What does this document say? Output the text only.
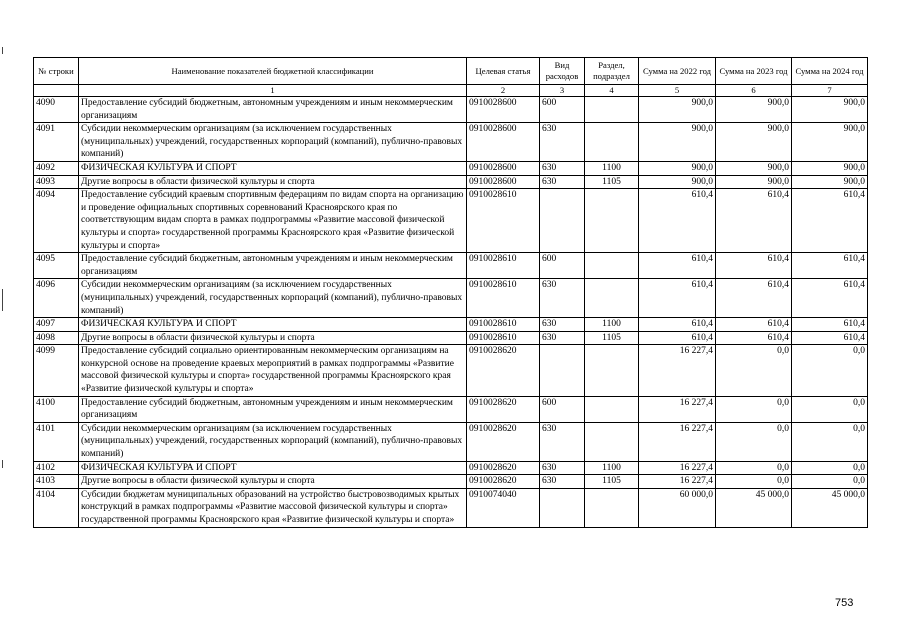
№ строки	Наименование показателей бюджетной классификации	Целевая статья	Вид расходов	Раздел, подраздел	Сумма на 2022 год	Сумма на 2023 год	Сумма на 2024 год
	1	2	3	4	5	6	7
4090	Предоставление субсидий бюджетным, автономным учреждениям и иным некоммерческим организациям	0910028600	600		900,0	900,0	900,0
4091	Субсидии некоммерческим организациям (за исключением государственных (муниципальных) учреждений, государственных корпораций (компаний), публично-правовых компаний)	0910028600	630		900,0	900,0	900,0
4092	ФИЗИЧЕСКАЯ КУЛЬТУРА И СПОРТ	0910028600	630	1100	900,0	900,0	900,0
4093	Другие вопросы в области физической культуры и спорта	0910028600	630	1105	900,0	900,0	900,0
4094	Предоставление субсидий краевым спортивным федерациям по видам спорта на организацию и проведение официальных спортивных соревнований Красноярского края по соответствующим видам спорта в рамках подпрограммы «Развитие массовой физической культуры и спорта» государственной программы Красноярского края «Развитие физической культуры и спорта»	0910028610			610,4	610,4	610,4
4095	Предоставление субсидий бюджетным, автономным учреждениям и иным некоммерческим организациям	0910028610	600		610,4	610,4	610,4
4096	Субсидии некоммерческим организациям (за исключением государственных (муниципальных) учреждений, государственных корпораций (компаний), публично-правовых компаний)	0910028610	630		610,4	610,4	610,4
4097	ФИЗИЧЕСКАЯ КУЛЬТУРА И СПОРТ	0910028610	630	1100	610,4	610,4	610,4
4098	Другие вопросы в области физической культуры и спорта	0910028610	630	1105	610,4	610,4	610,4
4099	Предоставление субсидий социально ориентированным некоммерческим организациям на конкурсной основе на проведение краевых мероприятий в рамках подпрограммы «Развитие массовой физической культуры и спорта» государственной программы Красноярского края «Развитие физической культуры и спорта»	0910028620			16 227,4	0,0	0,0
4100	Предоставление субсидий бюджетным, автономным учреждениям и иным некоммерческим организациям	0910028620	600		16 227,4	0,0	0,0
4101	Субсидии некоммерческим организациям (за исключением государственных (муниципальных) учреждений, государственных корпораций (компаний), публично-правовых компаний)	0910028620	630		16 227,4	0,0	0,0
4102	ФИЗИЧЕСКАЯ КУЛЬТУРА И СПОРТ	0910028620	630	1100	16 227,4	0,0	0,0
4103	Другие вопросы в области физической культуры и спорта	0910028620	630	1105	16 227,4	0,0	0,0
4104	Субсидии бюджетам муниципальных образований на устройство быстровозводимых крытых конструкций в рамках подпрограммы «Развитие массовой физической культуры и спорта» государственной программы Красноярского края «Развитие физической культуры и спорта»	0910074040			60 000,0	45 000,0	45 000,0
753
